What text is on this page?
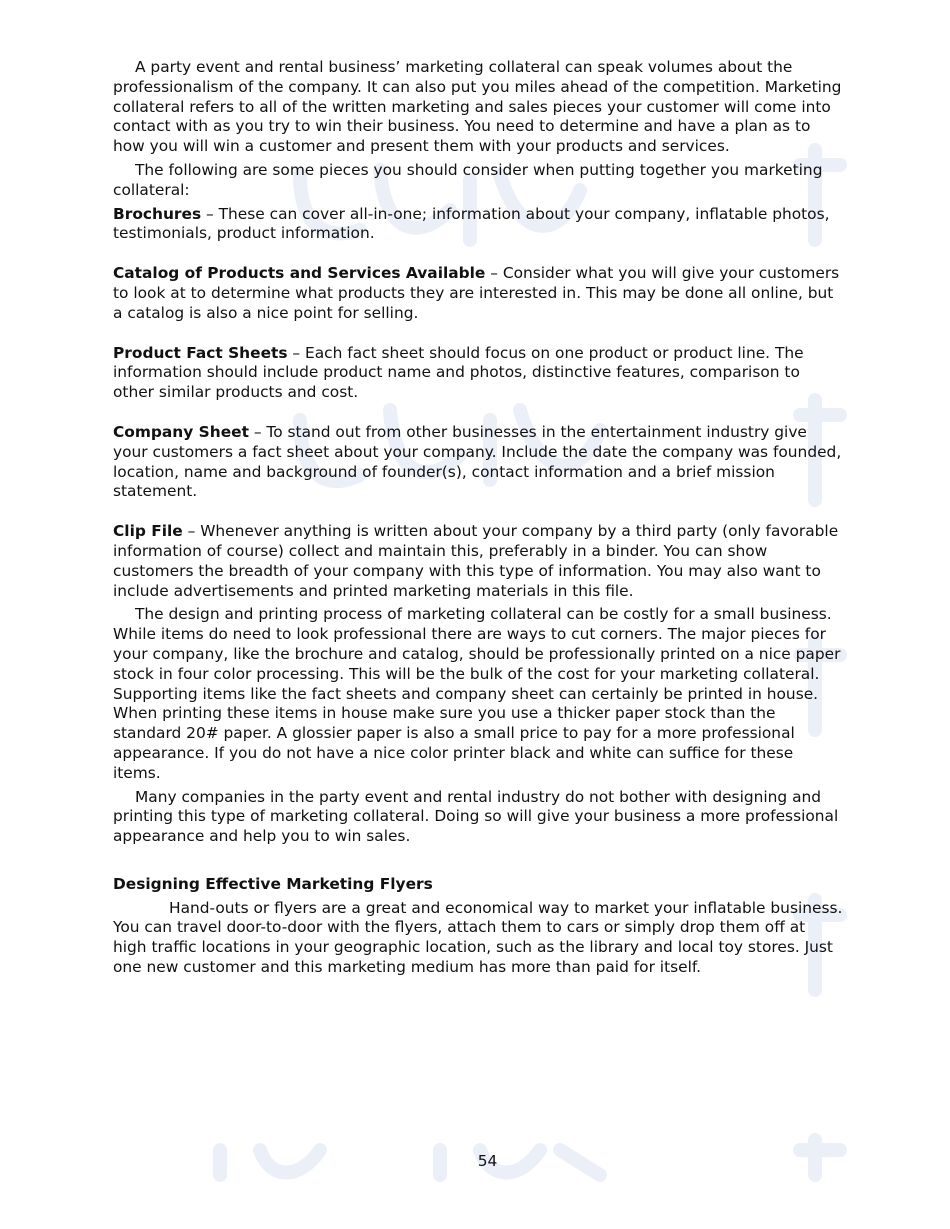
A party event and rental business’ marketing collateral can speak volumes about the professionalism of the company. It can also put you miles ahead of the competition. Marketing collateral refers to all of the written marketing and sales pieces your customer will come into contact with as you try to win their business. You need to determine and have a plan as to how you will win a customer and present them with your products and services.

The following are some pieces you should consider when putting together you marketing collateral:

Brochures – These can cover all-in-one; information about your company, inflatable photos, testimonials, product information.

Catalog of Products and Services Available – Consider what you will give your customers to look at to determine what products they are interested in. This may be done all online, but a catalog is also a nice point for selling.

Product Fact Sheets – Each fact sheet should focus on one product or product line. The information should include product name and photos, distinctive features, comparison to other similar products and cost.

Company Sheet – To stand out from other businesses in the entertainment industry give your customers a fact sheet about your company. Include the date the company was founded, location, name and background of founder(s), contact information and a brief mission statement.

Clip File – Whenever anything is written about your company by a third party (only favorable information of course) collect and maintain this, preferably in a binder. You can show customers the breadth of your company with this type of information. You may also want to include advertisements and printed marketing materials in this file.

The design and printing process of marketing collateral can be costly for a small business. While items do need to look professional there are ways to cut corners. The major pieces for your company, like the brochure and catalog, should be professionally printed on a nice paper stock in four color processing. This will be the bulk of the cost for your marketing collateral. Supporting items like the fact sheets and company sheet can certainly be printed in house. When printing these items in house make sure you use a thicker paper stock than the standard 20# paper. A glossier paper is also a small price to pay for a more professional appearance. If you do not have a nice color printer black and white can suffice for these items.

Many companies in the party event and rental industry do not bother with designing and printing this type of marketing collateral. Doing so will give your business a more professional appearance and help you to win sales.

Designing Effective Marketing Flyers

Hand-outs or flyers are a great and economical way to market your inflatable business. You can travel door-to-door with the flyers, attach them to cars or simply drop them off at high traffic locations in your geographic location, such as the library and local toy stores. Just one new customer and this marketing medium has more than paid for itself.

54
